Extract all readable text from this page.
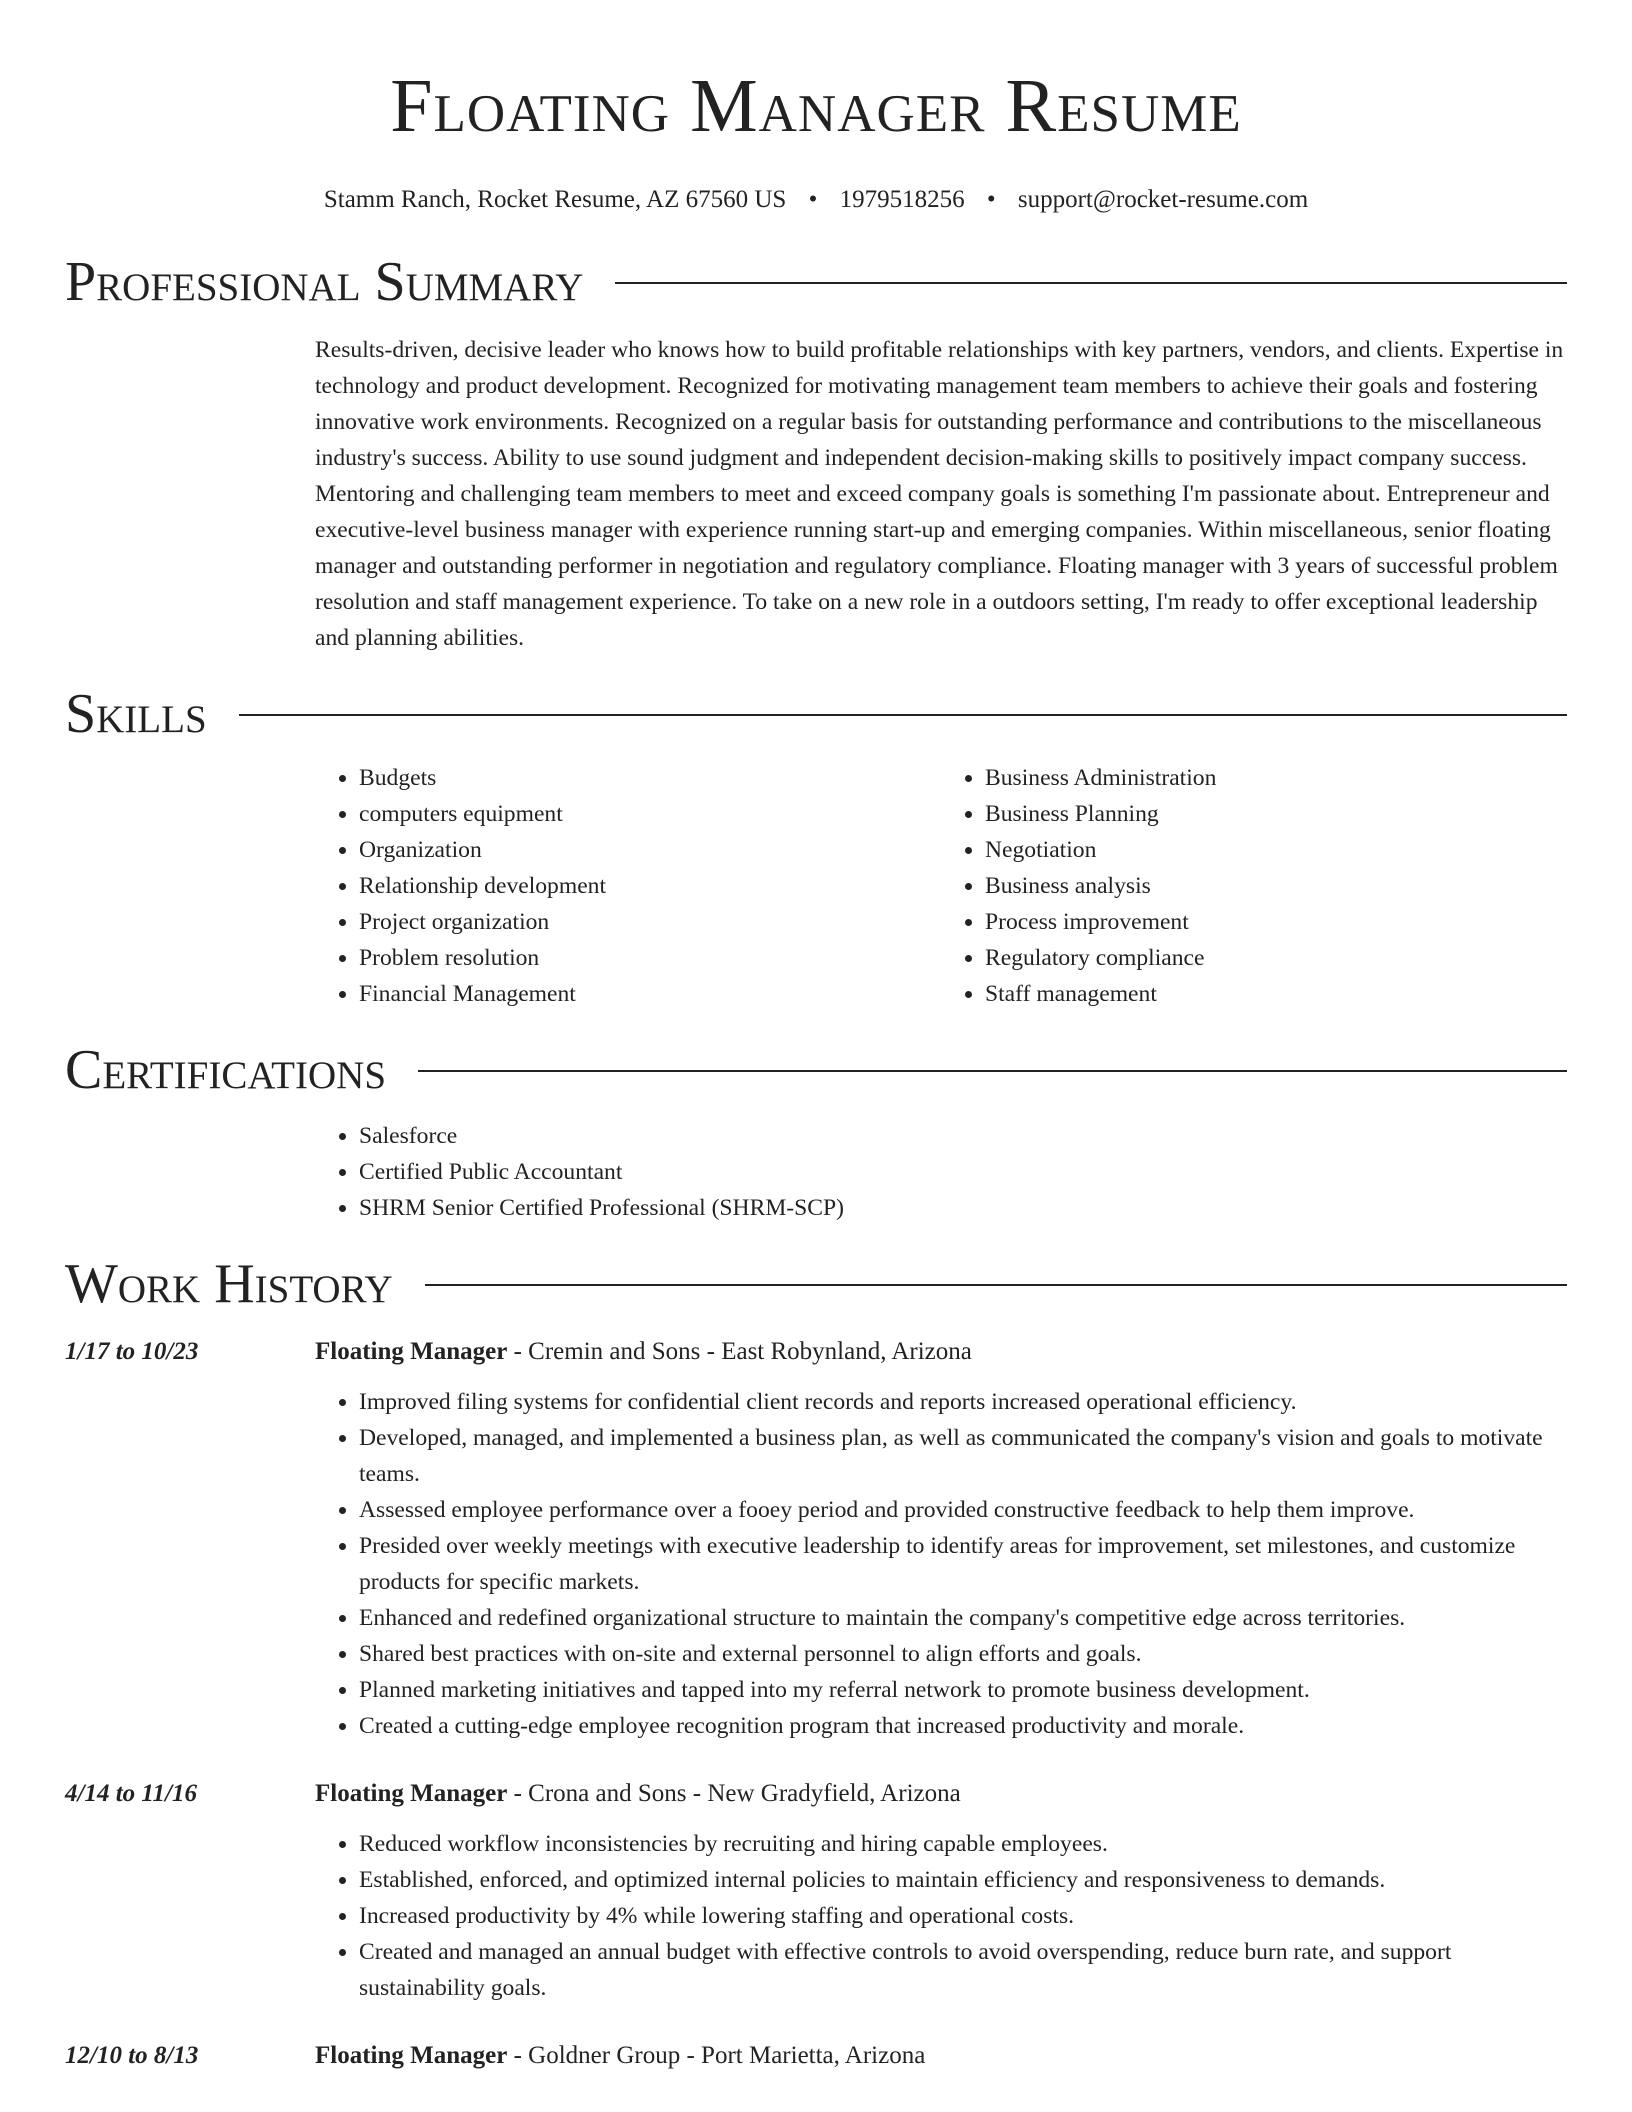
Floating Manager Resume
Stamm Ranch, Rocket Resume, AZ 67560 US • 1979518256 • support@rocket-resume.com
Professional Summary
Results-driven, decisive leader who knows how to build profitable relationships with key partners, vendors, and clients. Expertise in technology and product development. Recognized for motivating management team members to achieve their goals and fostering innovative work environments. Recognized on a regular basis for outstanding performance and contributions to the miscellaneous industry's success. Ability to use sound judgment and independent decision-making skills to positively impact company success. Mentoring and challenging team members to meet and exceed company goals is something I'm passionate about. Entrepreneur and executive-level business manager with experience running start-up and emerging companies. Within miscellaneous, senior floating manager and outstanding performer in negotiation and regulatory compliance. Floating manager with 3 years of successful problem resolution and staff management experience. To take on a new role in a outdoors setting, I'm ready to offer exceptional leadership and planning abilities.
Skills
• Budgets
• computers equipment
• Organization
• Relationship development
• Project organization
• Problem resolution
• Financial Management
• Business Administration
• Business Planning
• Negotiation
• Business analysis
• Process improvement
• Regulatory compliance
• Staff management
Certifications
• Salesforce
• Certified Public Accountant
• SHRM Senior Certified Professional (SHRM-SCP)
Work History
1/17 to 10/23	Floating Manager - Cremin and Sons - East Robynland, Arizona
• Improved filing systems for confidential client records and reports increased operational efficiency.
• Developed, managed, and implemented a business plan, as well as communicated the company's vision and goals to motivate teams.
• Assessed employee performance over a fooey period and provided constructive feedback to help them improve.
• Presided over weekly meetings with executive leadership to identify areas for improvement, set milestones, and customize products for specific markets.
• Enhanced and redefined organizational structure to maintain the company's competitive edge across territories.
• Shared best practices with on-site and external personnel to align efforts and goals.
• Planned marketing initiatives and tapped into my referral network to promote business development.
• Created a cutting-edge employee recognition program that increased productivity and morale.
4/14 to 11/16	Floating Manager - Crona and Sons - New Gradyfield, Arizona
• Reduced workflow inconsistencies by recruiting and hiring capable employees.
• Established, enforced, and optimized internal policies to maintain efficiency and responsiveness to demands.
• Increased productivity by 4% while lowering staffing and operational costs.
• Created and managed an annual budget with effective controls to avoid overspending, reduce burn rate, and support sustainability goals.
12/10 to 8/13	Floating Manager - Goldner Group - Port Marietta, Arizona
